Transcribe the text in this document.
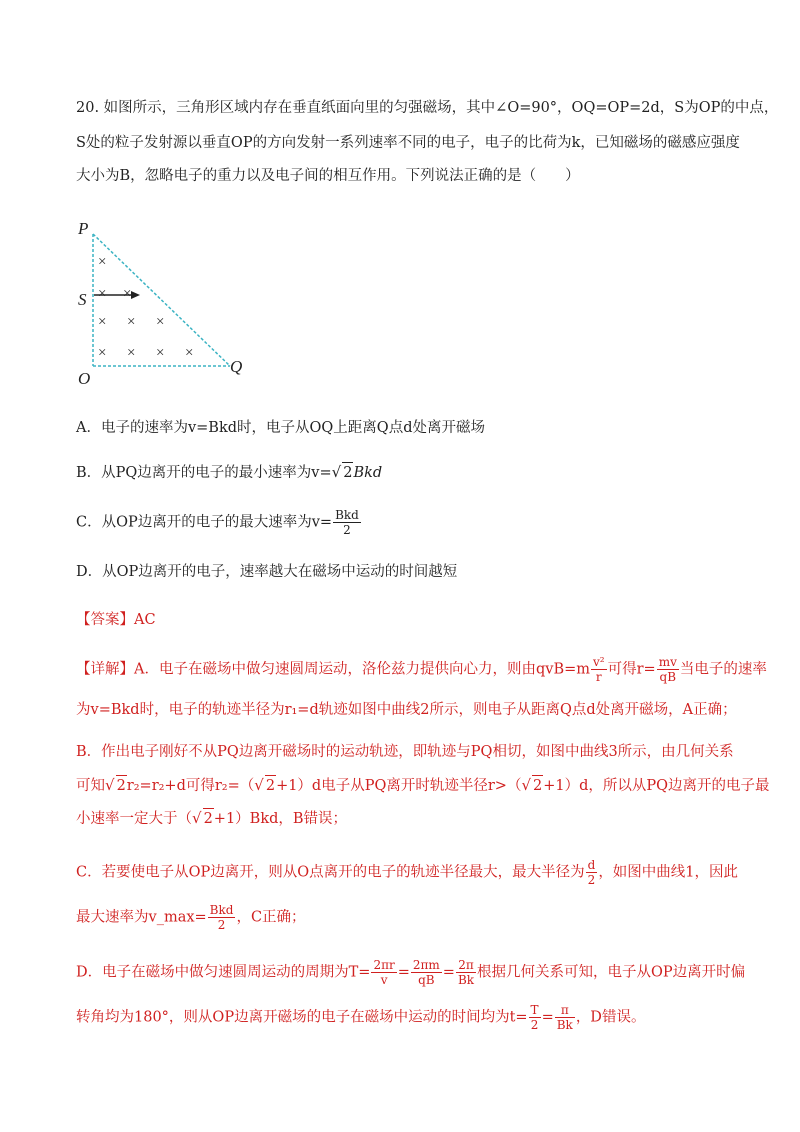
20. 如图所示，三角形区域内存在垂直纸面向里的匀强磁场，其中∠O=90°，OQ=OP=2d，S为OP的中点，
S处的粒子发射源以垂直OP的方向发射一系列速率不同的电子，电子的比荷为k，已知磁场的磁感应强度
大小为B，忽略电子的重力以及电子间的相互作用。下列说法正确的是（　　）
P
S
O
Q
×
× ×
× × ×
× × × ×
A．电子的速率为v=Bkd时，电子从OQ上距离Q点d处离开磁场
B．从PQ边离开的电子的最小速率为v=√ 2Bkd
C．从OP边离开的电子的最大速率为$v= \frac{\text{Bkd}}{2}$
D．从OP边离开的电子，速率越大在磁场中运动的时间越短
【答案】AC
【详解】A．电子在磁场中做匀速圆周运动，洛伦兹力提供向心力，则由$qvB=m \frac{\text{v²}}{r}$ 可得$r= \frac{mv}{qB}$ 当电子的速率
为v=Bkd时，电子的轨迹半径为r₁=d轨迹如图中曲线2所示，则电子从距离Q点d处离开磁场，A正确；
B．作出电子刚好不从PQ边离开磁场时的运动轨迹，即轨迹与PQ相切，如图中曲线3所示，由几何关系
可知√ 2r₂=r₂+d可得r₂=（√ 2+1）d电子从PQ离开时轨迹半径r>（√ 2+1）d，所以从PQ边离开的电子最
小速率一定大于（√ 2+1）Bkd，B错误；
C．若要使电子从OP边离开，则从O点离开的电子的轨迹半径最大，最大半径为 $\frac{d}{2}$ ，如图中曲线1，因此
最大速率为v_max= $\frac{\text{Bkd}}{2}$ ，C正确；
D．电子在磁场中做匀速圆周运动的周期为$T= \frac{2\pi r}{v} = \frac{2\pi m}{qB} = \frac{2\pi}{Bk}$ 根据几何关系可知，电子从OP边离开时偏
转角均为180°，则从OP边离开磁场的电子在磁场中运动的时间均为$t= \frac{T}{2} = \frac{\pi}{Bk}$ ，D错误。
